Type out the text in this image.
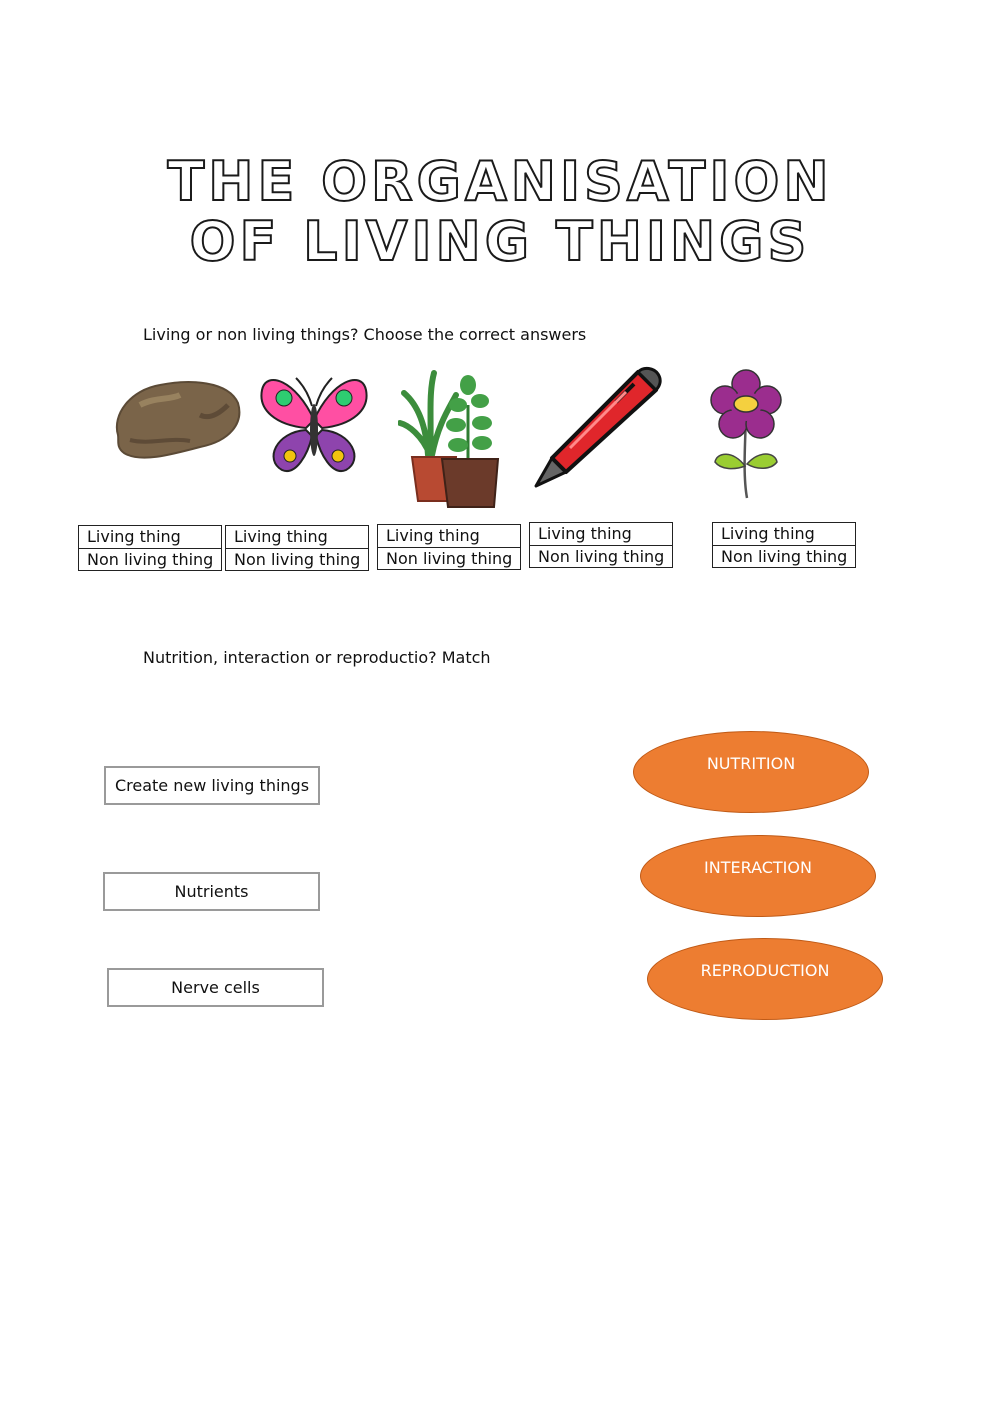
THE ORGANISATION
OF LIVING THINGS
Living or non living things? Choose the correct answers
Living thing
Non living thing
Living thing
Non living thing
Living thing
Non living thing
Living thing
Non living thing
Living thing
Non living thing
Nutrition, interaction or reproductio? Match
Create new living things
Nutrients
Nerve cells
NUTRITION
INTERACTION
REPRODUCTION
